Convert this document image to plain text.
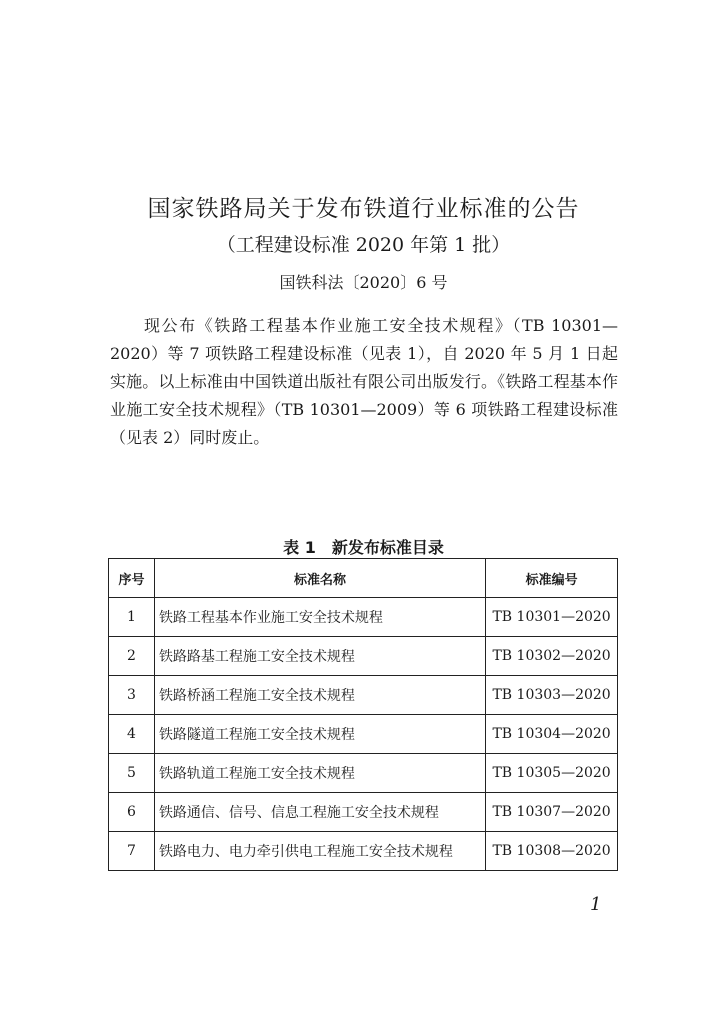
国家铁路局关于发布铁道行业标准的公告
（工程建设标准 2020 年第 1 批）
国铁科法〔2020〕6 号

现公布《铁路工程基本作业施工安全技术规程》（TB 10301—2020）等 7 项铁路工程建设标准（见表 1），自 2020 年 5 月 1 日起实施。以上标准由中国铁道出版社有限公司出版发行。《铁路工程基本作业施工安全技术规程》（TB 10301—2009）等 6 项铁路工程建设标准（见表 2）同时废止。

表 1　新发布标准目录
序号	标准名称	标准编号
1	铁路工程基本作业施工安全技术规程	TB 10301—2020
2	铁路路基工程施工安全技术规程	TB 10302—2020
3	铁路桥涵工程施工安全技术规程	TB 10303—2020
4	铁路隧道工程施工安全技术规程	TB 10304—2020
5	铁路轨道工程施工安全技术规程	TB 10305—2020
6	铁路通信、信号、信息工程施工安全技术规程	TB 10307—2020
7	铁路电力、电力牵引供电工程施工安全技术规程	TB 10308—2020
1
